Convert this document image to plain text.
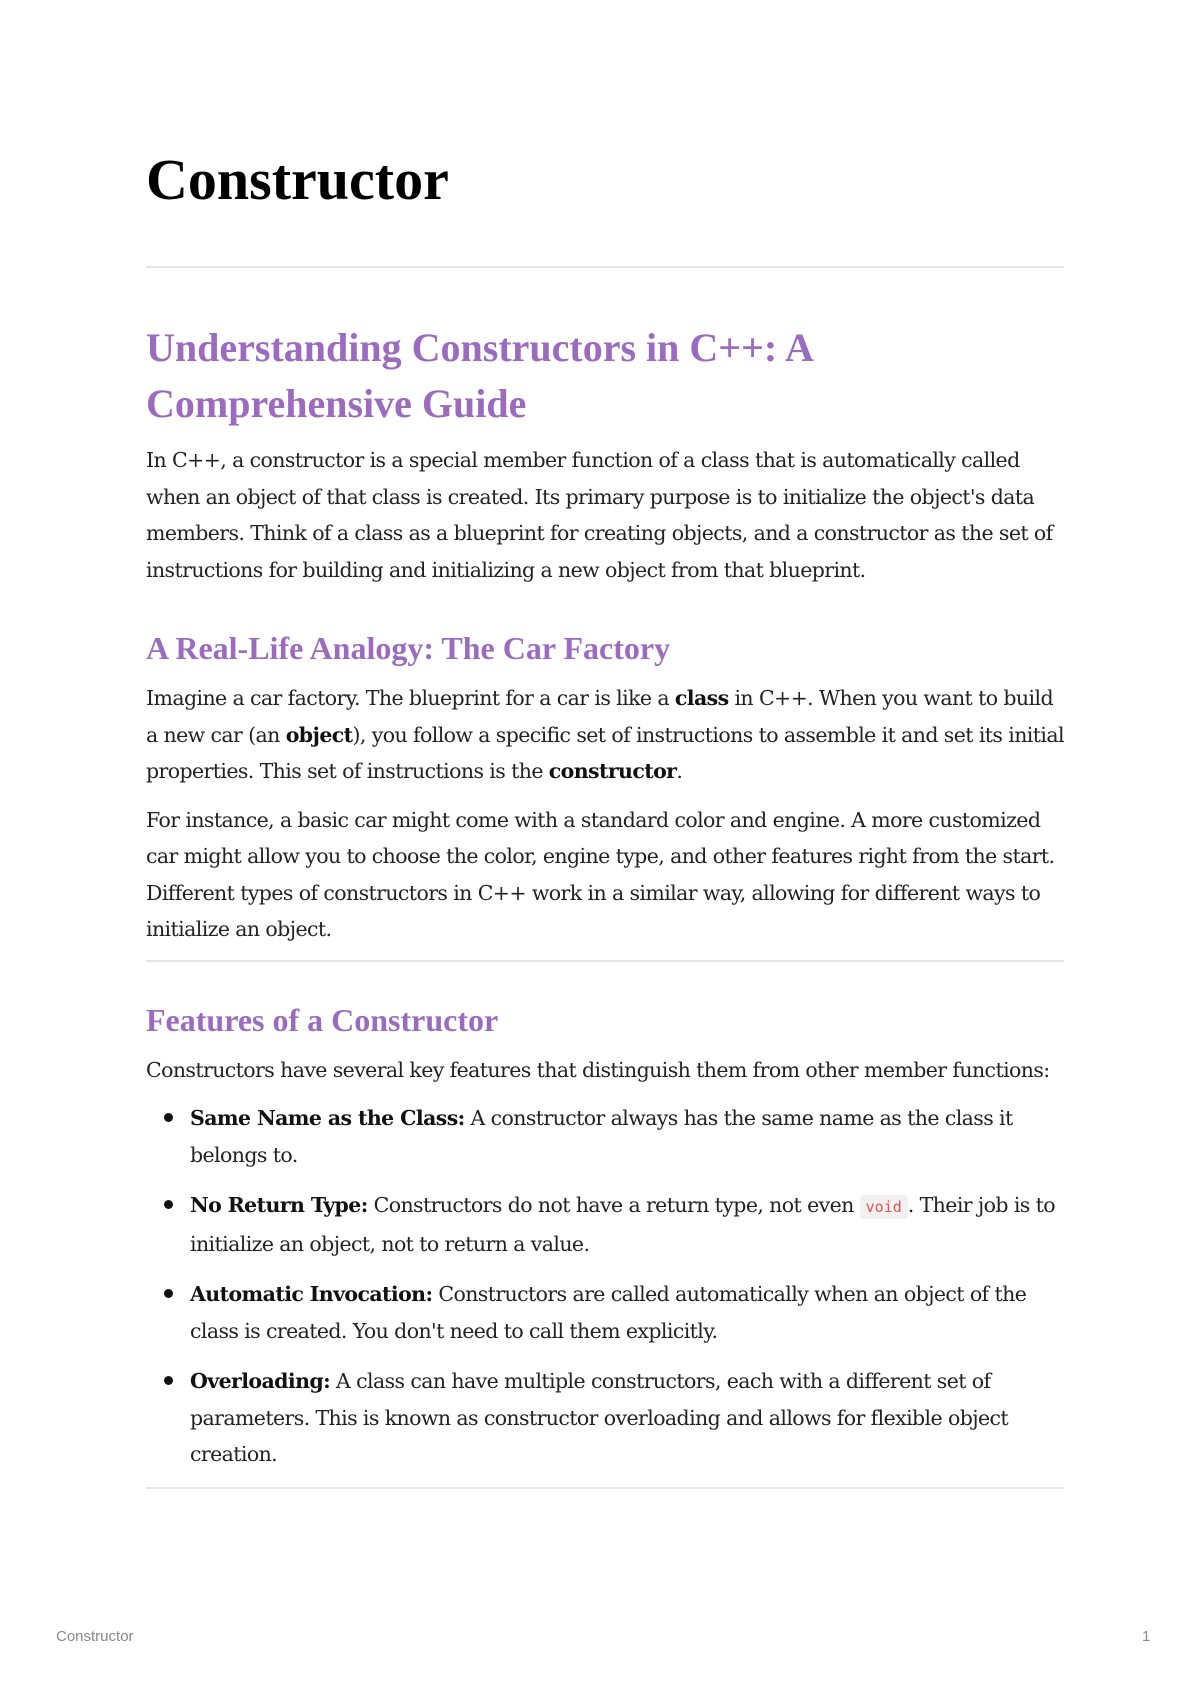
Constructor
Understanding Constructors in C++: A Comprehensive Guide

In C++, a constructor is a special member function of a class that is automatically called when an object of that class is created. Its primary purpose is to initialize the object's data members. Think of a class as a blueprint for creating objects, and a constructor as the set of instructions for building and initializing a new object from that blueprint.

A Real-Life Analogy: The Car Factory

Imagine a car factory. The blueprint for a car is like a class in C++. When you want to build a new car (an object), you follow a specific set of instructions to assemble it and set its initial properties. This set of instructions is the constructor.

For instance, a basic car might come with a standard color and engine. A more customized car might allow you to choose the color, engine type, and other features right from the start. Different types of constructors in C++ work in a similar way, allowing for different ways to initialize an object.

Features of a Constructor

Constructors have several key features that distinguish them from other member functions:

Same Name as the Class: A constructor always has the same name as the class it belongs to.
No Return Type: Constructors do not have a return type, not even void . Their job is to initialize an object, not to return a value.
Automatic Invocation: Constructors are called automatically when an object of the class is created. You don't need to call them explicitly.
Overloading: A class can have multiple constructors, each with a different set of parameters. This is known as constructor overloading and allows for flexible object creation.
Constructor	1
